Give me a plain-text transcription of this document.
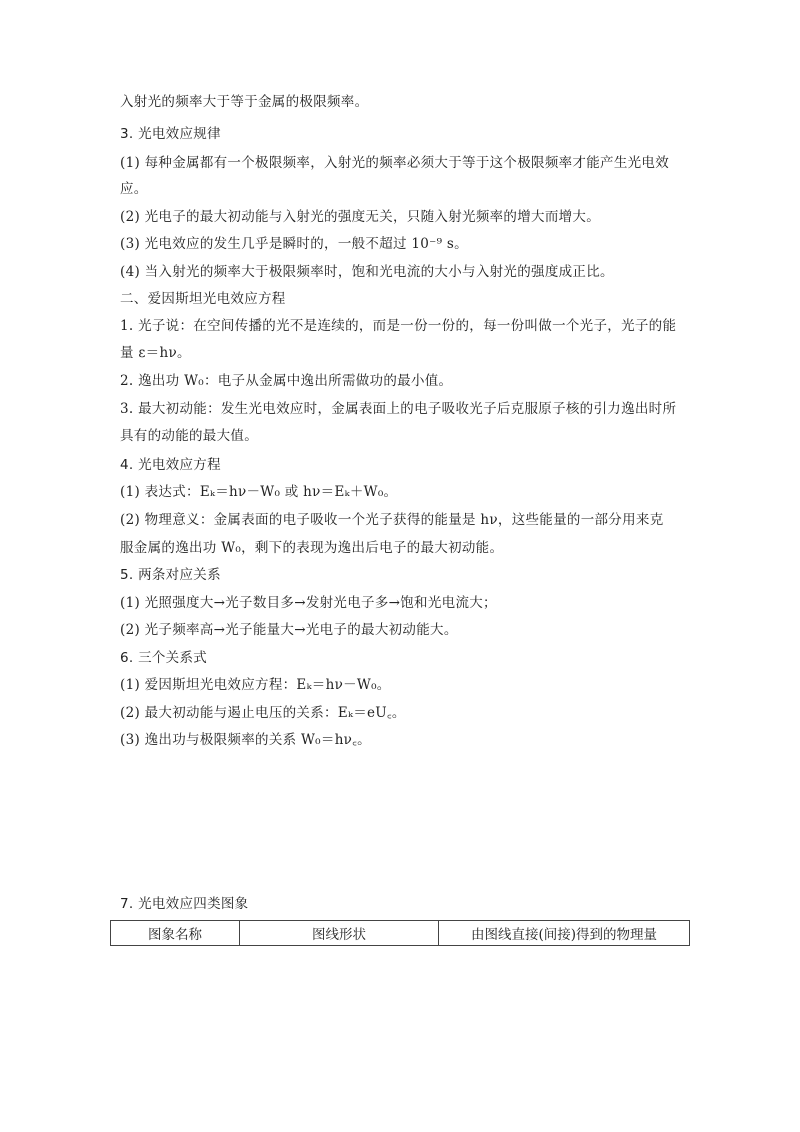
入射光的频率大于等于金属的极限频率。
3. 光电效应规律
(1) 每种金属都有一个极限频率，入射光的频率必须大于等于这个极限频率才能产生光电效
应。
(2) 光电子的最大初动能与入射光的强度无关，只随入射光频率的增大而增大。
(3) 光电效应的发生几乎是瞬时的，一般不超过 10⁻⁹ s。
(4) 当入射光的频率大于极限频率时，饱和光电流的大小与入射光的强度成正比。
二、爱因斯坦光电效应方程
1. 光子说：在空间传播的光不是连续的，而是一份一份的，每一份叫做一个光子，光子的能
量 ε＝hν。
2. 逸出功 W₀：电子从金属中逸出所需做功的最小值。
3. 最大初动能：发生光电效应时，金属表面上的电子吸收光子后克服原子核的引力逸出时所
具有的动能的最大值。
4. 光电效应方程
(1) 表达式：Eₖ＝hν－W₀ 或 hν＝Eₖ＋W₀。
(2) 物理意义：金属表面的电子吸收一个光子获得的能量是 hν，这些能量的一部分用来克
服金属的逸出功 W₀，剩下的表现为逸出后电子的最大初动能。
5. 两条对应关系
(1) 光照强度大→光子数目多→发射光电子多→饱和光电流大；
(2) 光子频率高→光子能量大→光电子的最大初动能大。
6. 三个关系式
(1) 爱因斯坦光电效应方程：Eₖ＝hν－W₀。
(2) 最大初动能与遏止电压的关系：Eₖ＝eU꜀。
(3) 逸出功与极限频率的关系 W₀＝hν꜀。
7. 光电效应四类图象
图象名称	图线形状	由图线直接(间接)得到的物理量
